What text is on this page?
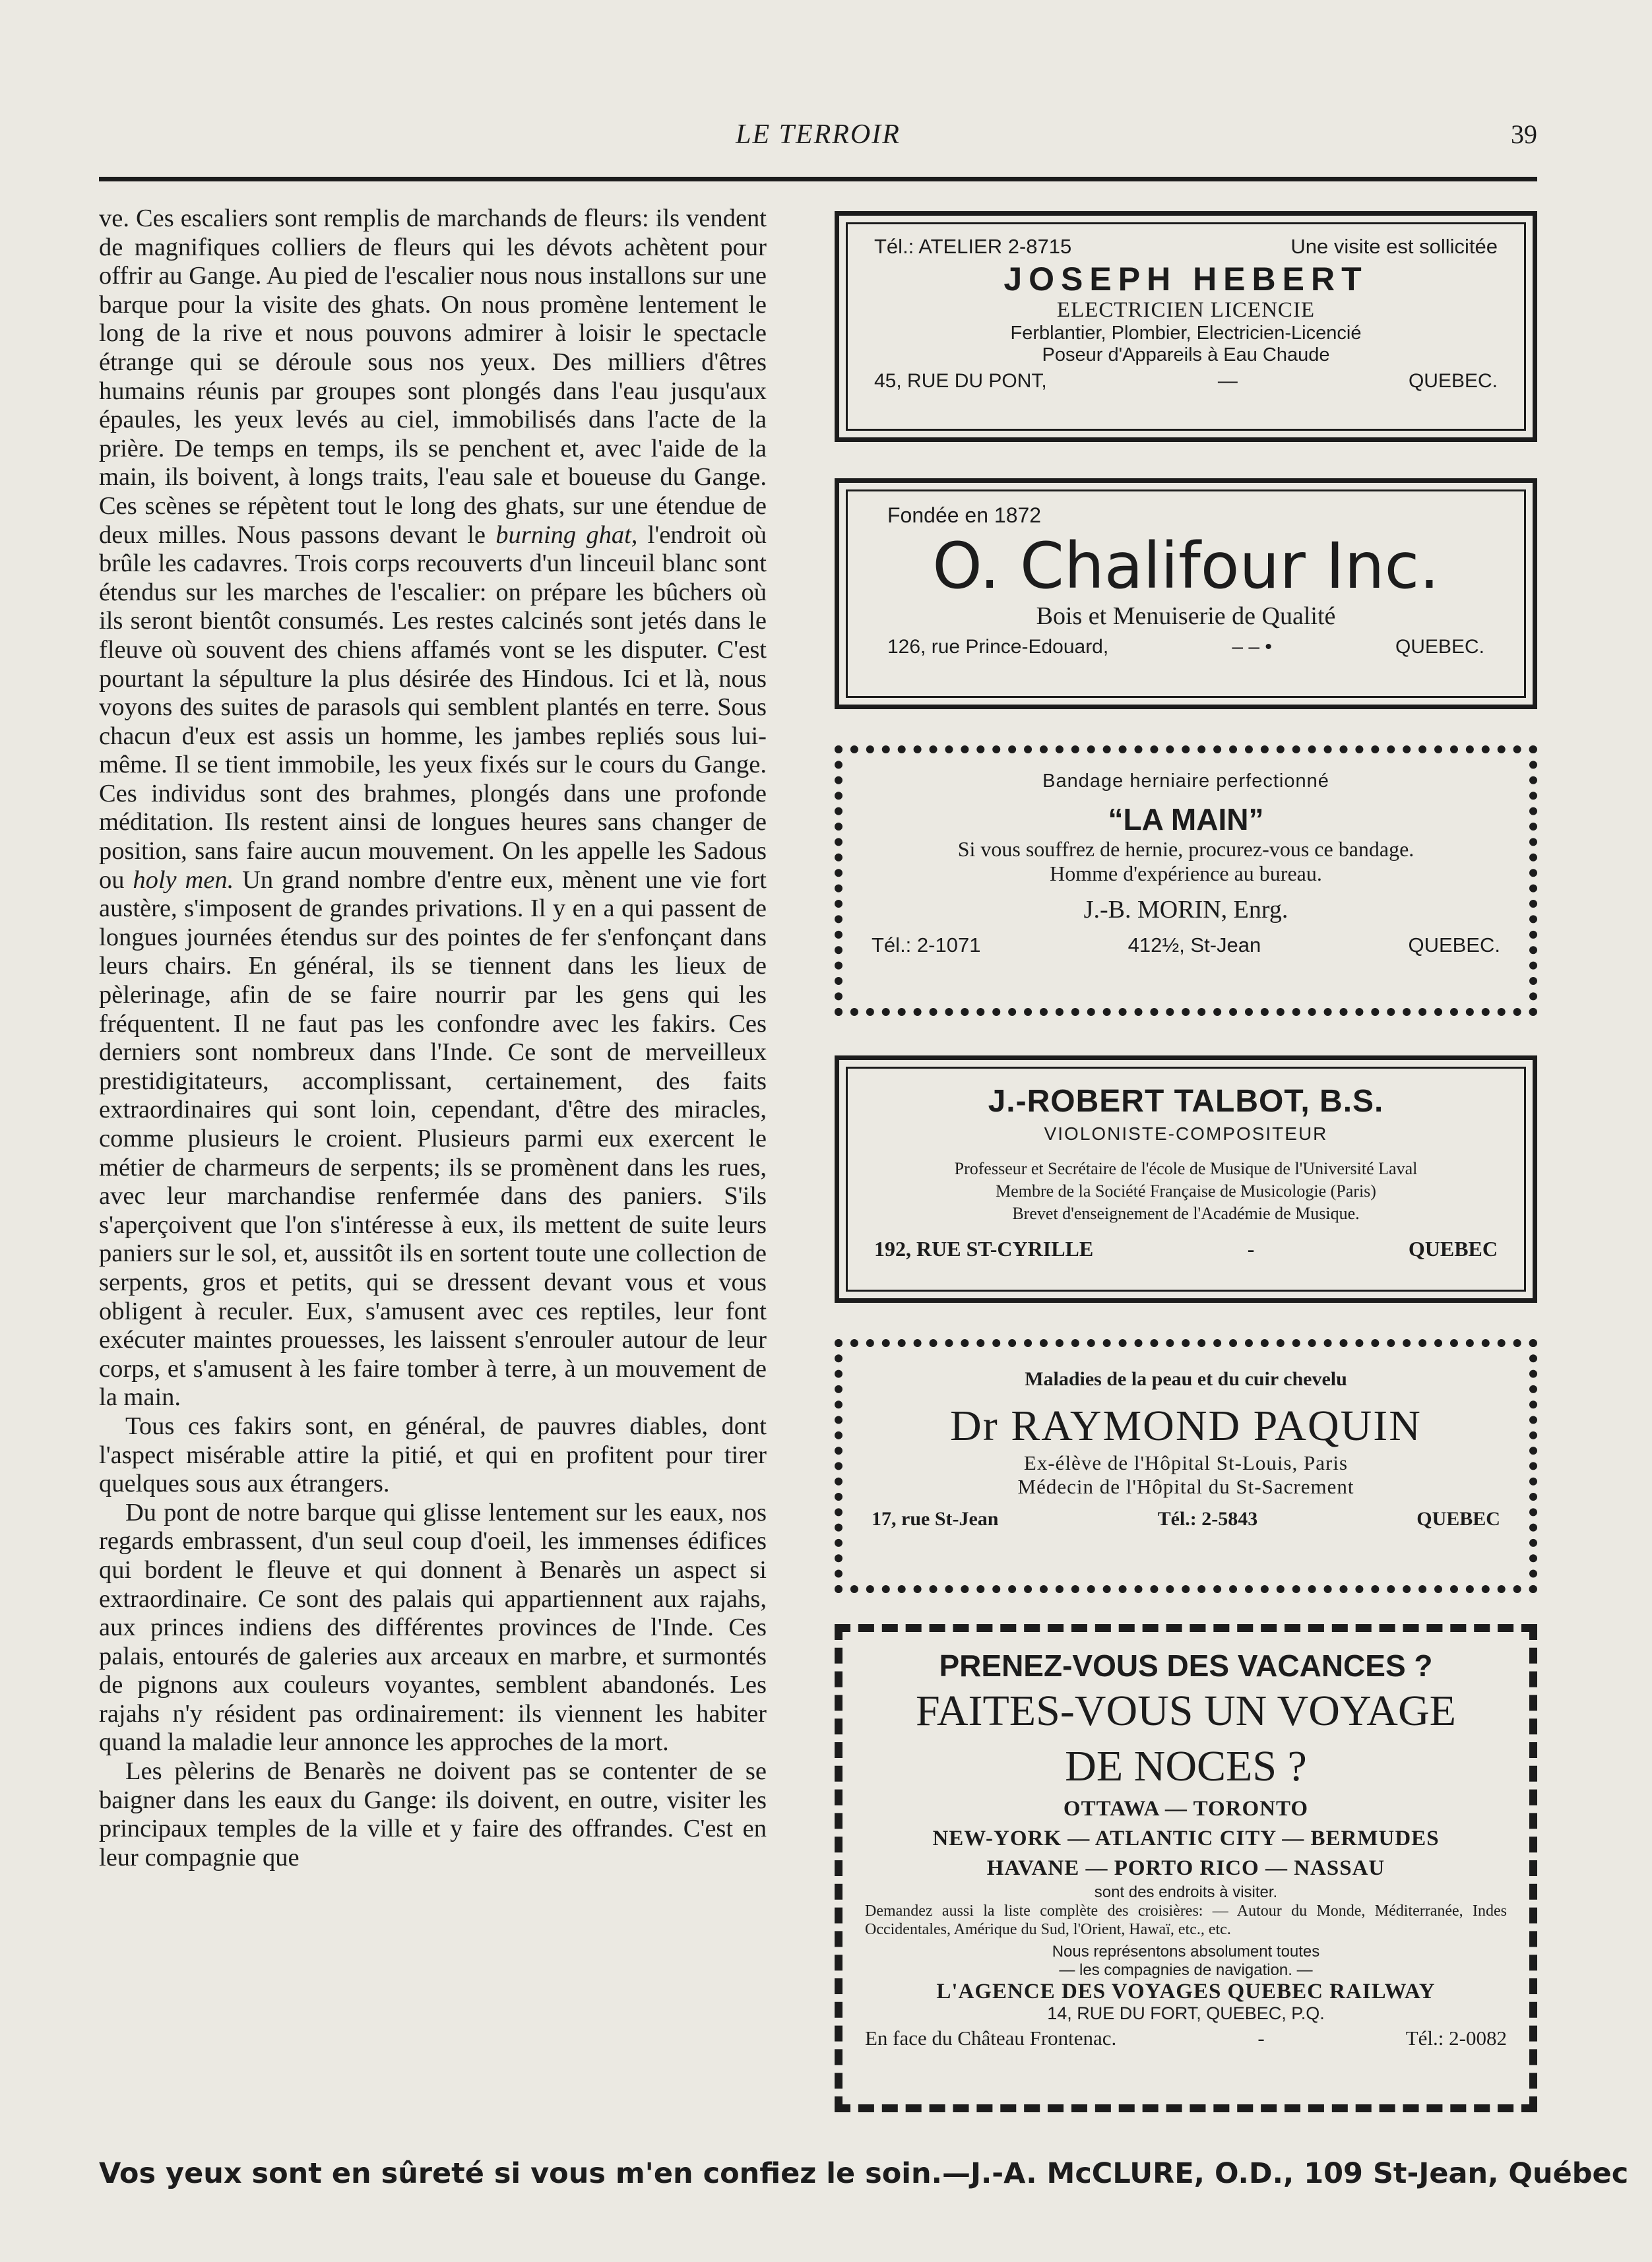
LE TERROIR	39

ve. Ces escaliers sont remplis de marchands de fleurs: ils vendent de magnifiques colliers de fleurs qui les dévots achètent pour offrir au Gange. Au pied de l'escalier nous nous installons sur une barque pour la visite des ghats. On nous promène lentement le long de la rive et nous pouvons admirer à loisir le spectacle étrange qui se déroule sous nos yeux. Des milliers d'êtres humains réunis par groupes sont plongés dans l'eau jusqu'aux épaules, les yeux levés au ciel, immobilisés dans l'acte de la prière. De temps en temps, ils se penchent et, avec l'aide de la main, ils boivent, à longs traits, l'eau sale et boueuse du Gange. Ces scènes se répètent tout le long des ghats, sur une étendue de deux milles. Nous passons devant le burning ghat, l'endroit où brûle les cadavres. Trois corps recouverts d'un linceuil blanc sont étendus sur les marches de l'escalier: on prépare les bûchers où ils seront bientôt consumés. Les restes calcinés sont jetés dans le fleuve où souvent des chiens affamés vont se les disputer. C'est pourtant la sépulture la plus désirée des Hindous. Ici et là, nous voyons des suites de parasols qui semblent plantés en terre. Sous chacun d'eux est assis un homme, les jambes repliés sous lui-même. Il se tient immobile, les yeux fixés sur le cours du Gange. Ces individus sont des brahmes, plongés dans une profonde méditation. Ils restent ainsi de longues heures sans changer de position, sans faire aucun mouvement. On les appelle les Sadous ou holy men. Un grand nombre d'entre eux, mènent une vie fort austère, s'imposent de grandes privations. Il y en a qui passent de longues journées étendus sur des pointes de fer s'enfonçant dans leurs chairs. En général, ils se tiennent dans les lieux de pèlerinage, afin de se faire nourrir par les gens qui les fréquentent. Il ne faut pas les confondre avec les fakirs. Ces derniers sont nombreux dans l'Inde. Ce sont de merveilleux prestidigitateurs, accomplissant, certainement, des faits extraordinaires qui sont loin, cependant, d'être des miracles, comme plusieurs le croient. Plusieurs parmi eux exercent le métier de charmeurs de serpents; ils se promènent dans les rues, avec leur marchandise renfermée dans des paniers. S'ils s'aperçoivent que l'on s'intéresse à eux, ils mettent de suite leurs paniers sur le sol, et, aussitôt ils en sortent toute une collection de serpents, gros et petits, qui se dressent devant vous et vous obligent à reculer. Eux, s'amusent avec ces reptiles, leur font exécuter maintes prouesses, les laissent s'enrouler autour de leur corps, et s'amusent à les faire tomber à terre, à un mouvement de la main.

Tous ces fakirs sont, en général, de pauvres diables, dont l'aspect misérable attire la pitié, et qui en profitent pour tirer quelques sous aux étrangers.

Du pont de notre barque qui glisse lentement sur les eaux, nos regards embrassent, d'un seul coup d'oeil, les immenses édifices qui bordent le fleuve et qui donnent à Benarès un aspect si extraordinaire. Ce sont des palais qui appartiennent aux rajahs, aux princes indiens des différentes provinces de l'Inde. Ces palais, entourés de galeries aux arceaux en marbre, et surmontés de pignons aux couleurs voyantes, semblent abandonés. Les rajahs n'y résident pas ordinairement: ils viennent les habiter quand la maladie leur annonce les approches de la mort.

Les pèlerins de Benarès ne doivent pas se contenter de se baigner dans les eaux du Gange: ils doivent, en outre, visiter les principaux temples de la ville et y faire des offrandes. C'est en leur compagnie que

Tél.: ATELIER 2-8715	Une visite est sollicitée
JOSEPH HEBERT
ELECTRICIEN LICENCIE
Ferblantier, Plombier, Electricien-Licencié
Poseur d'Appareils à Eau Chaude
45, RUE DU PONT,	—	QUEBEC.
Fondée en 1872
O. Chalifour Inc.
Bois et Menuiserie de Qualité
126, rue Prince-Edouard,	– – •	QUEBEC.
Bandage herniaire perfectionné
“LA MAIN”
Si vous souffrez de hernie, procurez-vous ce bandage.
Homme d'expérience au bureau.
J.-B. MORIN, Enrg.
Tél.: 2-1071	412½, St-Jean	QUEBEC.
J.-ROBERT TALBOT, B.S.
VIOLONISTE-COMPOSITEUR
Professeur et Secrétaire de l'école de Musique de l'Université Laval
Membre de la Société Française de Musicologie (Paris)
Brevet d'enseignement de l'Académie de Musique.
192, RUE ST-CYRILLE	-	QUEBEC
Maladies de la peau et du cuir chevelu
Dr RAYMOND PAQUIN
Ex-élève de l'Hôpital St-Louis, Paris
Médecin de l'Hôpital du St-Sacrement
17, rue St-Jean	Tél.: 2-5843	QUEBEC
PRENEZ-VOUS DES VACANCES ?
FAITES-VOUS UN VOYAGE
DE NOCES ?
OTTAWA — TORONTO
NEW-YORK — ATLANTIC CITY — BERMUDES
HAVANE — PORTO RICO — NASSAU
sont des endroits à visiter.
Demandez aussi la liste complète des croisières: — Autour du Monde, Méditerranée, Indes Occidentales, Amérique du Sud, l'Orient, Hawaï, etc., etc.
Nous représentons absolument toutes
— les compagnies de navigation. —
L'AGENCE DES VOYAGES QUEBEC RAILWAY
14, RUE DU FORT, QUEBEC, P.Q.
En face du Château Frontenac.	-	Tél.: 2-0082
Vos yeux sont en sûreté si vous m'en confiez le soin.—J.-A. McCLURE, O.D., 109 St-Jean, Québec
